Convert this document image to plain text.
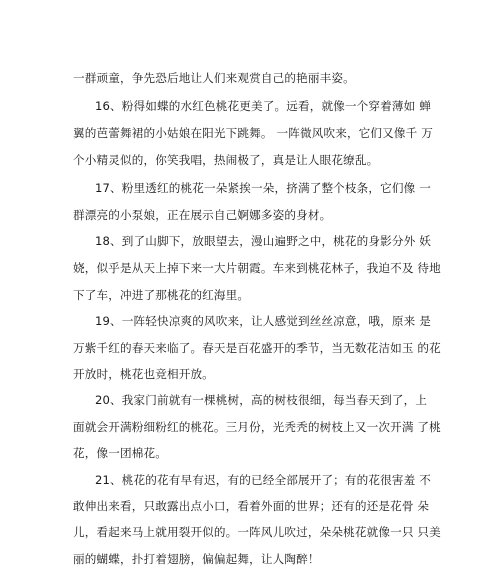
一群顽童，争先恐后地让人们来观赏自己的艳丽丰姿。
16、粉得如蝶的水红色桃花更美了。远看，就像一个穿着薄如 蝉
翼的芭蕾舞裙的小姑娘在阳光下跳舞。 一阵微风吹来，它们又像千 万
个小精灵似的，你笑我唱，热闹极了，真是让人眼花缭乱。
17、粉里透红的桃花一朵紧挨一朵，挤满了整个枝条，它们像 一
群漂亮的小泵娘，正在展示自己婀娜多姿的身材。
18、到了山脚下，放眼望去，漫山遍野之中，桃花的身影分外 妖
娆，似乎是从天上掉下来一大片朝霞。车来到桃花林子，我迫不及 待地
下了车，冲进了那桃花的红海里。
19、一阵轻快凉爽的风吹来，让人感觉到丝丝凉意，哦，原来 是
万紫千红的春天来临了。春天是百花盛开的季节，当无数花洁如玉 的花
开放时，桃花也竞相开放。
20、我家门前就有一棵桃树，高的树枝很细，每当春天到了，上
面就会开满粉细粉红的桃花。三月份，光秃秃的树枝上又一次开满 了桃
花，像一团棉花。
21、桃花的花有早有迟，有的已经全部展开了；有的花很害羞 不
敢伸出来看，只敢露出点小口，看着外面的世界；还有的还是花骨 朵
儿，看起来马上就用裂开似的。一阵风儿吹过，朵朵桃花就像一只 只美
丽的蝴蝶，扑打着翅膀，偏偏起舞，让人陶醉！
